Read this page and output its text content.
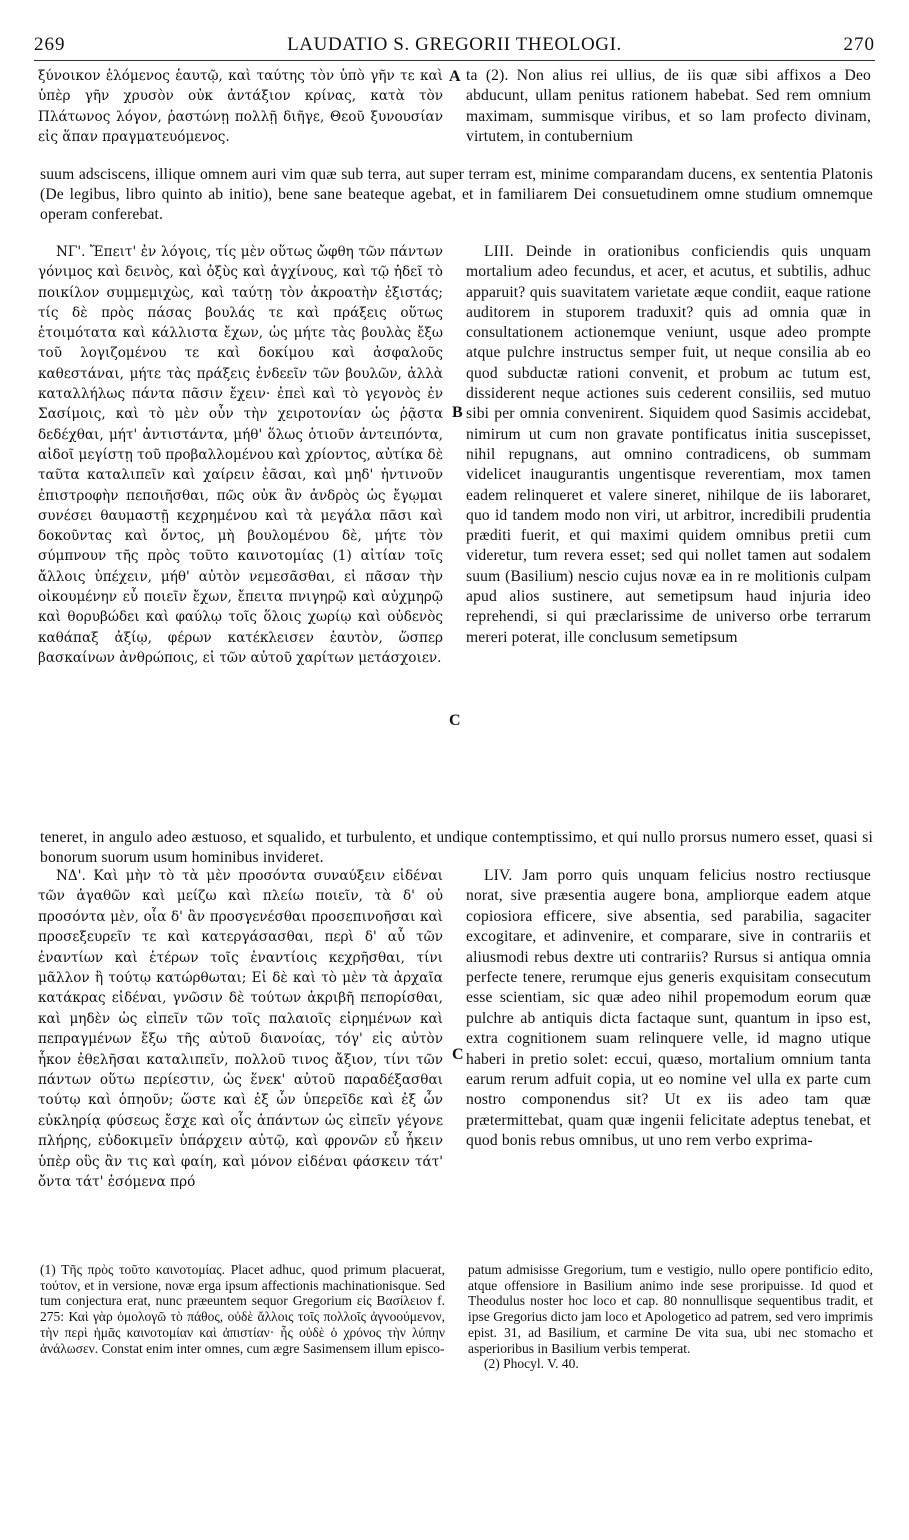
269	LAUDATIO S. GREGORII THEOLOGI.	270

ξύνοικον ἑλόμενος ἑαυτῷ, καὶ ταύτης τὸν ὑπὸ γῆν τε καὶ ὑπὲρ γῆν χρυσὸν οὐκ ἀντάξιον κρίνας, κατὰ τὸν Πλάτωνος λόγον, ῥαστώνῃ πολλῇ διῆγε, Θεοῦ ξυνουσίαν εἰς ἅπαν πραγματευόμενος.

A ta (2). Non alius rei ullius, de iis quæ sibi affixos a Deo abducunt, ullam penitus rationem habebat. Sed rem omnium maximam, summisque viribus, et so lam profecto divinam, virtutem, in contubernium

suum adsciscens, illique omnem auri vim quæ sub terra, aut super terram est, minime comparandam ducens, ex sententia Platonis (De legibus, libro quinto ab initio), bene sane beateque agebat, et in familiarem Dei consuetudinem omne studium omnemque operam conferebat.

ΝΓ'. Ἔπειτ' ἐν λόγοις, τίς μὲν οὕτως ὤφθη τῶν πάντων γόνιμος καὶ δεινὸς, καὶ ὀξὺς καὶ ἀγχίνους, καὶ τῷ ἡδεῖ τὸ ποικίλον συμμεμιχὼς, καὶ ταύτῃ τὸν ἀκροατὴν ἐξιστάς; τίς δὲ πρὸς πάσας βουλάς τε καὶ πράξεις οὕτως ἑτοιμότατα καὶ κάλλιστα ἔχων, ὡς μήτε τὰς βουλὰς ἔξω τοῦ λογιζομένου τε καὶ δοκίμου καὶ ἀσφαλοῦς καθεστάναι, μήτε τὰς πράξεις ἐνδεεῖν τῶν βουλῶν, ἀλλὰ καταλλήλως πάντα πᾶσιν ἔχειν· ἐπεὶ καὶ τὸ γεγονὸς ἐν Σασίμοις, καὶ τὸ μὲν οὖν τὴν χειροτονίαν ὡς ῥᾷστα δεδέχθαι, μήτ' ἀντιστάντα, μήθ' ὅλως ὁτιοῦν ἀντειπόντα, αἰδοῖ μεγίστῃ τοῦ προβαλλομένου καὶ χρίοντος, αὐτίκα δὲ ταῦτα καταλιπεῖν καὶ χαίρειν ἐᾶσαι, καὶ μηδ' ἡντινοῦν ἐπιστροφὴν πεποιῆσθαι, πῶς οὐκ ἂν ἀνδρὸς ὡς ἔγῳμαι συνέσει θαυμαστῇ κεχρημένου καὶ τὰ μεγάλα πᾶσι καὶ δοκοῦντας καὶ ὄντος, μὴ βουλομένου δὲ, μήτε τὸν σύμπνουν τῆς πρὸς τοῦτο καινοτομίας (1) αἰτίαν τοῖς ἄλλοις ὑπέχειν, μήθ' αὐτὸν νεμεσᾶσθαι, εἰ πᾶσαν τὴν οἰκουμένην εὖ ποιεῖν ἔχων, ἔπειτα πνιγηρῷ καὶ αὐχμηρῷ καὶ θορυβώδει καὶ φαύλῳ τοῖς ὅλοις χωρίῳ καὶ οὐδενὸς καθάπαξ ἀξίῳ, φέρων κατέκλεισεν ἑαυτὸν, ὥσπερ βασκαίνων ἀνθρώποις, εἰ τῶν αὐτοῦ χαρίτων μετάσχοιεν.

B
C

LIII. Deinde in orationibus conficiendis quis unquam mortalium adeo fecundus, et acer, et acutus, et subtilis, adhuc apparuit? quis suavitatem varietate æque condiit, eaque ratione auditorem in stuporem traduxit? quis ad omnia quæ in consultationem actionemque veniunt, usque adeo prompte atque pulchre instructus semper fuit, ut neque consilia ab eo quod subductæ rationi convenit, et probum ac tutum est, dissiderent neque actiones suis cederent consiliis, sed mutuo sibi per omnia convenirent. Siquidem quod Sasimis accidebat, nimirum ut cum non gravate pontificatus initia suscepisset, nihil repugnans, aut omnino contradicens, ob summam videlicet inaugurantis ungentisque reverentiam, mox tamen eadem relinqueret et valere sineret, nihilque de iis laboraret, quo id tandem modo non viri, ut arbitror, incredibili prudentia præditi fuerit, et qui maximi quidem omnibus pretii cum videretur, tum revera esset; sed qui nollet tamen aut sodalem suum (Basilium) nescio cujus novæ ea in re molitionis culpam apud alios sustinere, aut semetipsum haud injuria ideo reprehendi, si qui præclarissime de universo orbe terrarum mereri poterat, ille conclusum semetipsum

teneret, in angulo adeo æstuoso, et squalido, et turbulento, et undique contemptissimo, et qui nullo prorsus numero esset, quasi si bonorum suorum usum hominibus invideret.

ΝΔ'. Καὶ μὴν τὸ τὰ μὲν προσόντα συναύξειν εἰδέναι τῶν ἀγαθῶν καὶ μείζω καὶ πλείω ποιεῖν, τὰ δ' οὐ προσόντα μὲν, οἷα δ' ἂν προσγενέσθαι προσεπινοῆσαι καὶ προσεξευρεῖν τε καὶ κατεργάσασθαι, περὶ δ' αὖ τῶν ἐναντίων καὶ ἑτέρων τοῖς ἐναντίοις κεχρῆσθαι, τίνι μᾶλλον ἢ τούτῳ κατώρθωται; Εἰ δὲ καὶ τὸ μὲν τὰ ἀρχαῖα κατάκρας εἰδέναι, γνῶσιν δὲ τούτων ἀκριβῆ πεπορίσθαι, καὶ μηδὲν ὡς εἰπεῖν τῶν τοῖς παλαιοῖς εἰρημένων καὶ πεπραγμένων ἔξω τῆς αὐτοῦ διανοίας, τόγ' εἰς αὐτὸν ἧκον ἐθελῆσαι καταλιπεῖν, πολλοῦ τινος ἄξιον, τίνι τῶν πάντων οὕτω περίεστιν, ὡς ἕνεκ' αὐτοῦ παραδέξασθαι τούτῳ καὶ ὁπηοῦν; ὥστε καὶ ἐξ ὧν ὑπερεῖδε καὶ ἐξ ὧν εὐκληρίᾳ φύσεως ἔσχε καὶ οἷς ἁπάντων ὡς εἰπεῖν γέγονε πλήρης, εὐδοκιμεῖν ὑπάρχειν αὐτῷ, καὶ φρονῶν εὖ ἧκειν ὑπὲρ οὓς ἂν τις καὶ φαίη, καὶ μόνον εἰδέναι φάσκειν τάτ' ὄντα τάτ' ἐσόμενα πρό

C

LIV. Jam porro quis unquam felicius nostro rectiusque norat, sive præsentia augere bona, ampliorque eadem atque copiosiora efficere, sive absentia, sed parabilia, sagaciter excogitare, et adinvenire, et comparare, sive in contrariis et aliusmodi rebus dextre uti contrariis? Rursus si antiqua omnia perfecte tenere, rerumque ejus generis exquisitam consecutum esse scientiam, sic quæ adeo nihil propemodum eorum quæ pulchre ab antiquis dicta factaque sunt, quantum in ipso est, extra cognitionem suam relinquere velle, id magno utique haberi in pretio solet: eccui, quæso, mortalium omnium tanta earum rerum adfuit copia, ut eo nomine vel ulla ex parte cum nostro componendus sit? Ut ex iis adeo tam quæ prætermittebat, quam quæ ingenii felicitate adeptus tenebat, et quod bonis rebus omnibus, ut uno rem verbo exprima-

(1) Τῆς πρὸς τοῦτο καινοτομίας. Placet adhuc, quod primum placuerat, τούτον, et in versione, novæ erga ipsum affectionis machinationisque. Sed tum conjectura erat, nunc præeuntem sequor Gregorium εἰς Βασίλειον f. 275: Καὶ γὰρ ὁμολογῶ τὸ πάθος, οὐδὲ ἄλλοις τοῖς πολλοῖς ἀγνοούμενον, τὴν περὶ ἡμᾶς καινοτομίαν καὶ ἀπιστίαν· ἧς οὐδὲ ὁ χρόνος τὴν λύπην ἀνάλωσεν. Constat enim inter omnes, cum ægre Sasimensem illum episco-

patum admisisse Gregorium, tum e vestigio, nullo opere pontificio edito, atque offensiore in Basilium animo inde sese proripuisse. Id quod et Theodulus noster hoc loco et cap. 80 nonnullisque sequentibus tradit, et ipse Gregorius dicto jam loco et Apologetico ad patrem, sed vero imprimis epist. 31, ad Basilium, et carmine De vita sua, ubi nec stomacho et asperioribus in Basilium verbis temperat.

(2) Phocyl. V. 40.
